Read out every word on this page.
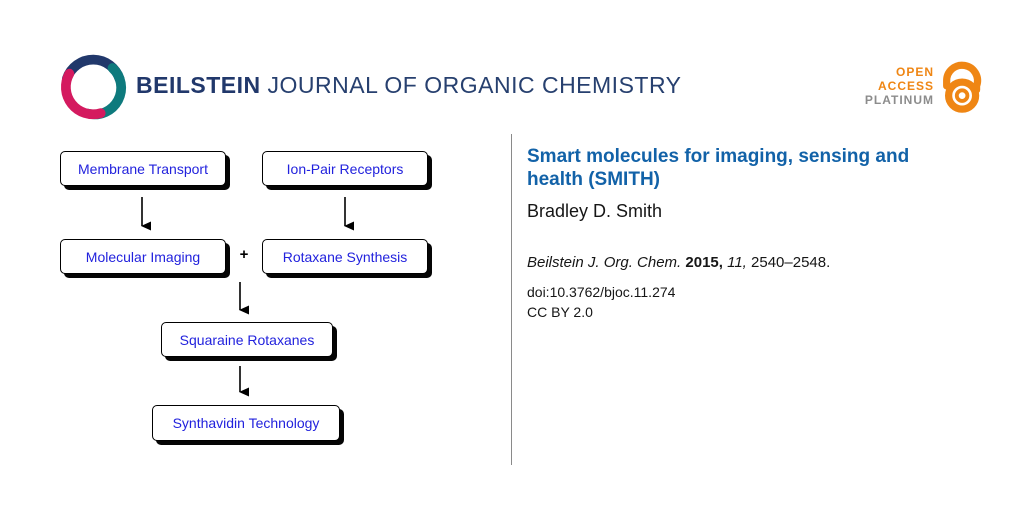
BEILSTEIN JOURNAL OF ORGANIC CHEMISTRY	OPEN
ACCESS
PLATINUM
Membrane Transport	Ion-Pair Receptors
Molecular Imaging	+ Rotaxane Synthesis
Squaraine Rotaxanes
Synthavidin Technology
Smart molecules for imaging, sensing and health (SMITH)
Bradley D. Smith
Beilstein J. Org. Chem. 2015, 11, 2540–2548.
doi:10.3762/bjoc.11.274
CC BY 2.0
